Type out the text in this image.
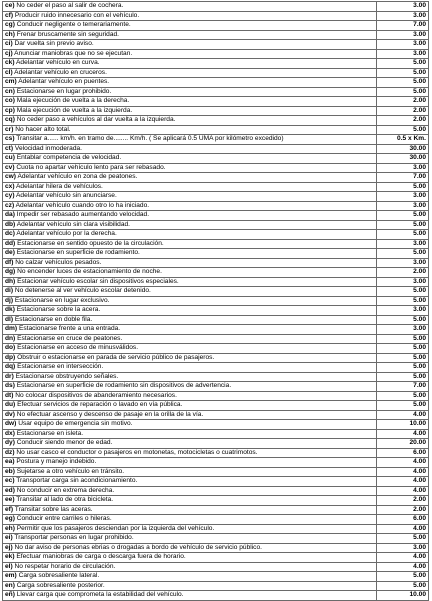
ce) No ceder el paso al salir de cochera.	3.00
cf) Producir ruido innecesario con el vehículo.	3.00
cg) Conducir negligente o temerariamente.	7.00
ch) Frenar bruscamente sin seguridad.	3.00
ci) Dar vuelta sin previo aviso.	3.00
cj) Anunciar maniobras que no se ejecutan.	3.00
ck) Adelantar vehículo en curva.	5.00
cl) Adelantar vehículo en cruceros.	5.00
cm) Adelantar vehículo en puentes.	5.00
cn) Estacionarse en lugar prohibido.	5.00
co) Mala ejecución de vuelta a la derecha.	2.00
cp) Mala ejecución de vuelta a la izquierda.	2.00
cq) No ceder paso a vehículos al dar vuelta a la izquierda.	2.00
cr) No hacer alto total.	5.00
cs) Transitar a...... km/h. en tramo de........ Km/h. ( Se aplicará 0.5 UMA por kilómetro excedido)	0.5 x Km.
ct) Velocidad inmoderada.	30.00
cu) Entablar competencia de velocidad.	30.00
cv) Cuota no apartar vehículo lento para ser rebasado.	3.00
cw) Adelantar vehículo en zona de peatones.	7.00
cx) Adelantar hilera de vehículos.	5.00
cy) Adelantar vehículo sin anunciarse.	3.00
cz) Adelantar vehículo cuando otro lo ha iniciado.	3.00
da) Impedir ser rebasado aumentando velocidad.	5.00
db) Adelantar vehículo sin clara visibilidad.	5.00
dc) Adelantar vehículo por la derecha.	5.00
dd) Estacionarse en sentido opuesto de la circulación.	3.00
de) Estacionarse en superficie de rodamiento.	5.00
df) No calzar vehículos pesados.	3.00
dg) No encender luces de estacionamiento de noche.	2.00
dh) Estacionar vehículo escolar sin dispositivos especiales.	3.00
di) No detenerse al ver vehículo escolar detenido.	5.00
dj) Estacionarse en lugar exclusivo.	5.00
dk) Estacionarse sobre la acera.	3.00
dl) Estacionarse en doble fila.	5.00
dm) Estacionarse frente a una entrada.	3.00
dn) Estacionarse en cruce de peatones.	5.00
do) Estacionarse en acceso de minusválidos.	5.00
dp) Obstruir o estacionarse en parada de servicio público de pasajeros.	5.00
dq) Estacionarse en intersección.	5.00
dr) Estacionarse obstruyendo señales.	5.00
ds) Estacionarse en superficie de rodamiento sin dispositivos de advertencia.	7.00
dt) No colocar dispositivos de abanderamiento necesarios.	5.00
du) Efectuar servicios de reparación o lavado en vía pública.	5.00
dv) No efectuar ascenso y descenso de pasaje en la orilla de la vía.	4.00
dw) Usar equipo de emergencia sin motivo.	10.00
dx) Estacionarse en isleta.	4.00
dy) Conducir siendo menor de edad.	20.00
dz) No usar casco el conductor o pasajeros en motonetas, motocicletas o cuatrimotos.	6.00
ea) Postura y manejo indebido.	4.00
eb) Sujetarse a otro vehículo en tránsito.	4.00
ec) Transportar carga sin acondicionamiento.	4.00
ed) No conducir en extrema derecha.	4.00
ee) Transitar al lado de otra bicicleta.	2.00
ef) Transitar sobre las aceras.	2.00
eg) Conducir entre carriles o hileras.	6.00
eh) Permitir que los pasajeros desciendan por la izquierda del vehículo.	4.00
ei) Transportar personas en lugar prohibido.	5.00
ej) No dar aviso de personas ebrias o drogadas a bordo de vehículo de servicio público.	3.00
ek) Efectuar maniobras de carga o descarga fuera de horario.	4.00
el) No respetar horario de circulación.	4.00
em) Carga sobresaliente lateral.	5.00
en) Carga sobresaliente posterior.	5.00
eñ) Llevar carga que comprometa la estabilidad del vehículo.	10.00
